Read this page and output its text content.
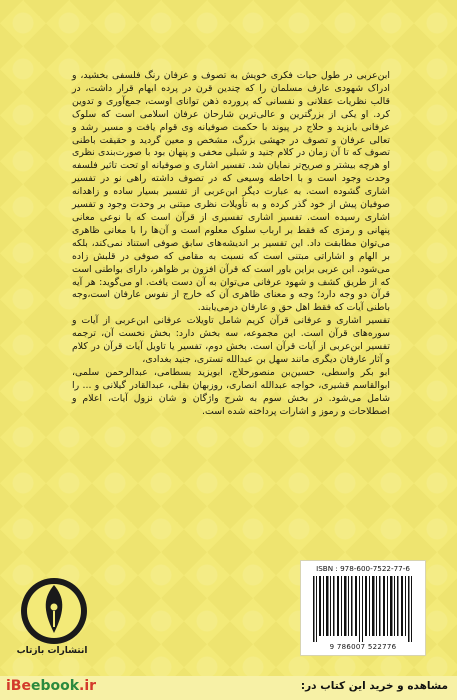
ابن‌عربی در طول حیات فکری خویش به تصوف و عرفان رنگ فلسفی بخشید، و ادراک شهودی عارف مسلمان را که چندین قرن در پرده ابهام قرار داشت، در قالب نظریات عقلانی و نفسانی که پرورده ذهن توانای اوست، جمع‌آوری و تدوین کرد. او یکی از بزرگترین و عالی‌ترین شارحان عرفان اسلامی است که سلوک عرفانی بایزید و حلاج در پیوند با حکمت صوفیانه وی قوام یافت و مسیر رشد و تعالی عرفان و تصوف در جهشی بزرگ، مشخص و معین گردید و حقیقت باطنی تصوف که تا آن زمان در کلام جنید و شبلی مخفی و پنهان بود با صورت‌بندی نظری او هرچه بیشتر و صریح‌تر نمایان شد. تفسیر اشاری و صوفیانه او تحت تاثیر فلسفه وحدت وجود است و با احاطه وسیعی که در تصوف داشته راهی نو در تفسیر اشاری گشوده است. به عبارت دیگر ابن‌عربی از تفسیر بسیار ساده و زاهدانه صوفیان پیش از خود گذر کرده و به تأویلات نظری مبتنی بر وحدت وجود و تفسیر اشاری رسیده است. تفسیر اشاری تفسیری از قرآن است که با نوعی معانی پنهانی و رمزی که فقط بر ارباب سلوک معلوم است و آن‌ها را با معانی ظاهری می‌توان مطابقت داد. این تفسیر بر اندیشه‌های سابق صوفی استناد نمی‌کند، بلکه بر الهام و اشاراتی مبتنی است که نسبت به مقامی که صوفی در قلبش زاده می‌شود. ابن عربی براین باور است که قرآن افزون بر ظواهر، دارای بواطنی است که از طریق کشف و شهود عرفانی می‌توان به آن دست یافت. او می‌گوید: هر آیه قرآن دو وجه دارد؛ وجه و معنای ظاهری آن که خارج از نفوس عارفان است،وجه باطنی آیات که فقط اهل حق و عارفان درمی‌یابند.

تفسیر اشاری و عرفانی قرآن کریم شامل تاویلات عرفانی ابن‌عربی از آیات و سوره‌های قرآن است. این مجموعه، سه بخش دارد: بخش نخست آن، ترجمه تفسیر ابن‌عربی از آیات قرآن است. بخش دوم، تفسیر یا تاویل آیات قرآن در کلام و آثار عارفان دیگری مانند سهل بن عبدالله تستری، جنید بغدادی،

ابو بکر واسطی، حسین‌بن منصورحلاج، ابویزید بسطامی، عبدالرحمن سلمی، ابوالقاسم قشیری، خواجه عبدالله انصاری، روزبهان بقلی، عبدالقادر گیلانی و ... را شامل می‌شود. در بخش سوم به شرح واژگان و شان نزول آیات، اعلام و اصطلاحات و رموز و اشارات پرداخته شده است.

ISBN : 978-600-7522-77-6
9 786007 522776
انتشارات بازتاب
مشاهده و خرید این کتاب در:
iBeebook.ir
